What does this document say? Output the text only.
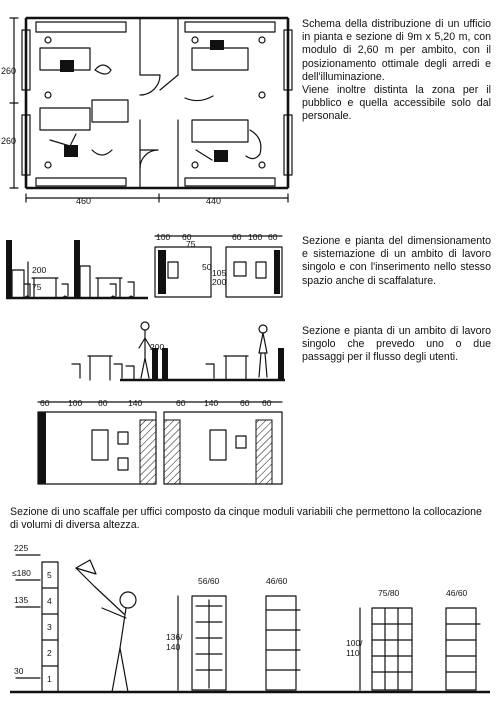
Schema della distribuzione di un ufficio in pianta e sezione di 9m x 5,20 m, con modulo di 2,60 m per ambito, con il posizionamento ottimale degli arredi e dell'illuminazione.

Viene inoltre distinta la zona per il pubblico e quella accessibile solo dal personale.

Sezione e pianta del dimensionamento e sistemazione di un ambito di lavoro singolo e con l'inserimento nello stesso spazio anche di scaffalature.
Sezione e pianta di un ambito di lavoro singolo che prevedo uno o due passaggi per il flusso degli utenti.
Sezione di uno scaffale per uffici composto da cinque moduli variabili che permettono la collocazione di volumi di diversa altezza.
260
260
460	440
200
75
100 60	60 100 60
75
50
105
200
200
60 100 60 140	60 140	60 60
5
4
3
2
1
225
≤180
135
30
136/
140
56/60	46/60
100/
110
75/80	46/60
